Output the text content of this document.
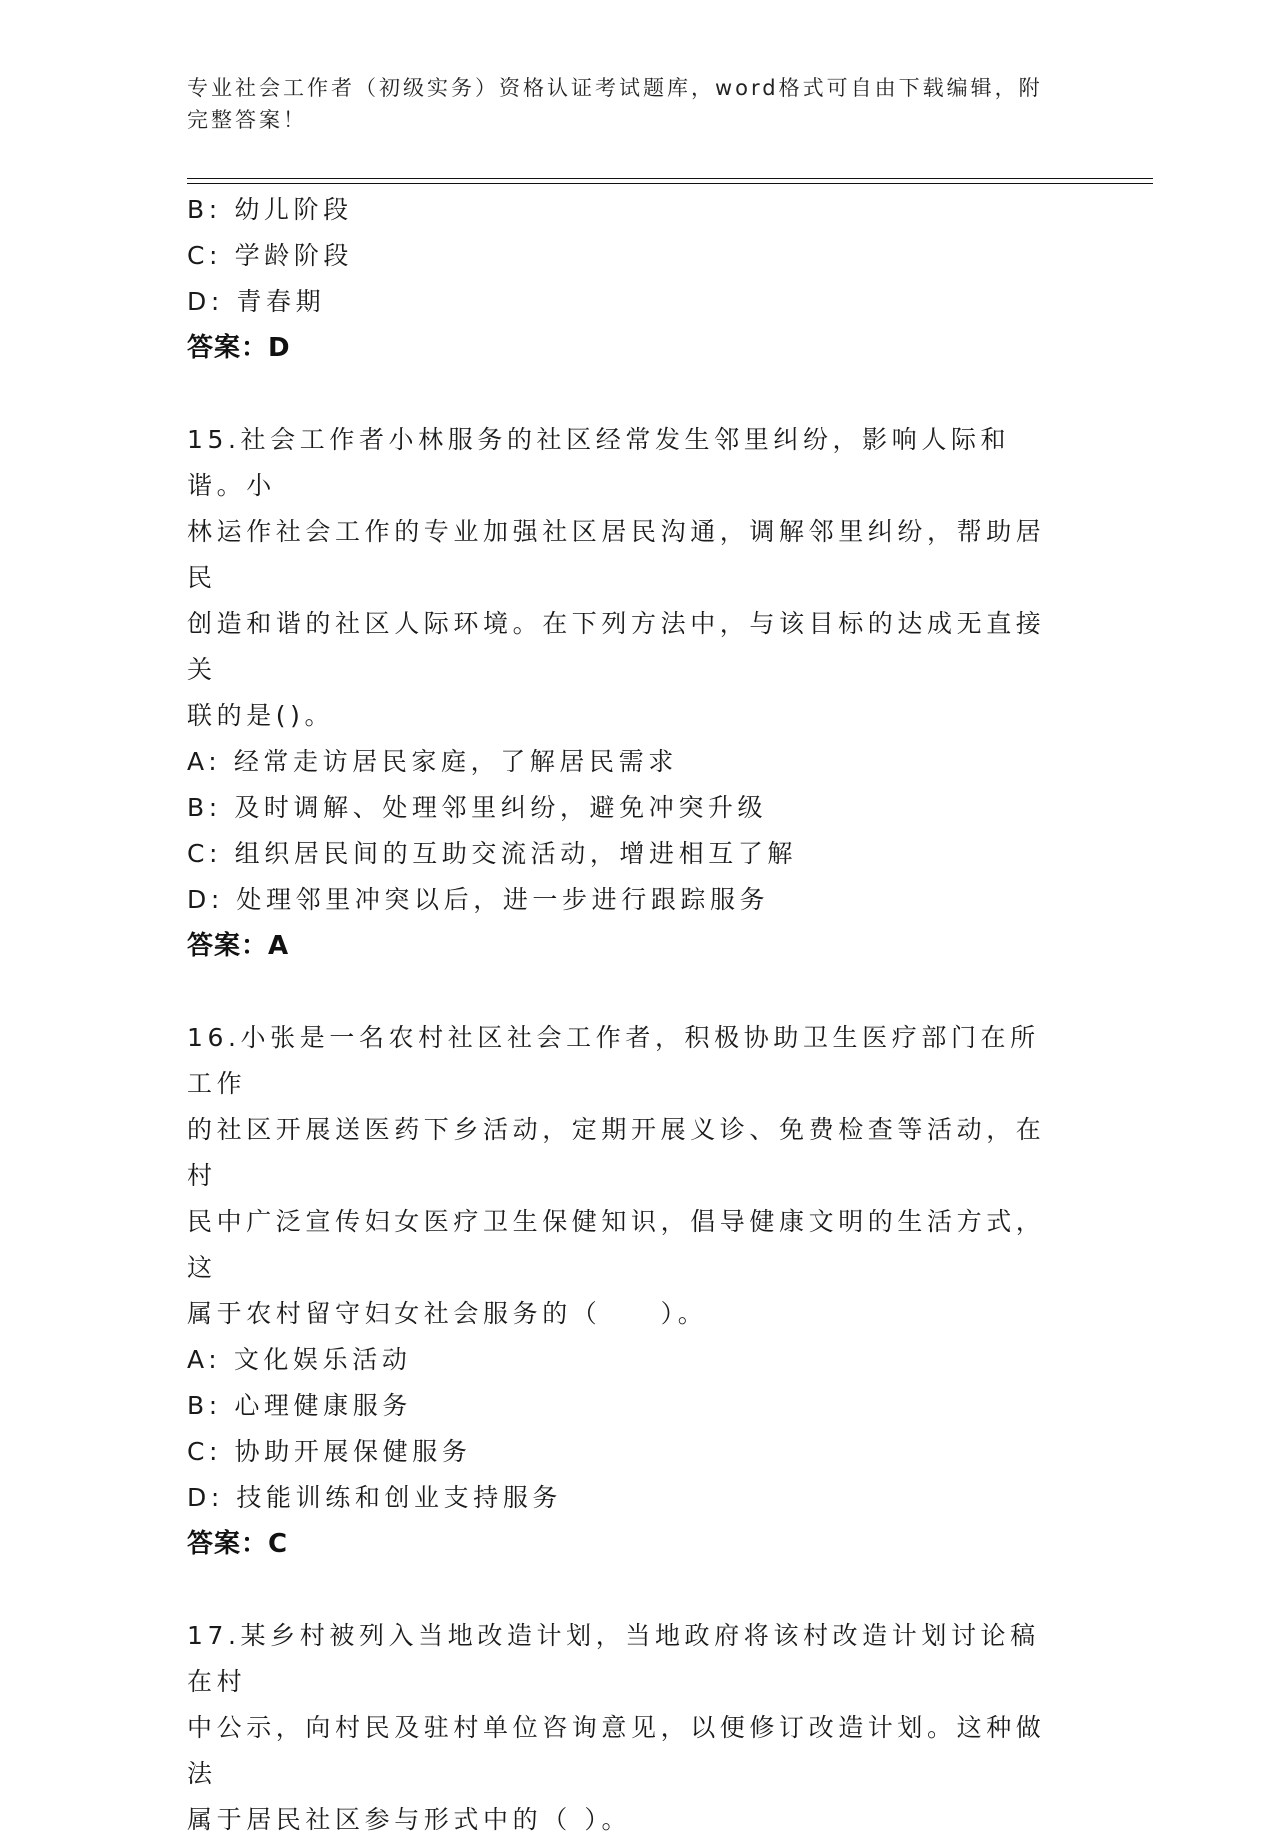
专业社会工作者（初级实务）资格认证考试题库，word格式可自由下载编辑，附
完整答案！
B: 幼儿阶段
C: 学龄阶段
D: 青春期
答案：D
15.社会工作者小林服务的社区经常发生邻里纠纷，影响人际和谐。小
林运作社会工作的专业加强社区居民沟通，调解邻里纠纷，帮助居民
创造和谐的社区人际环境。在下列方法中，与该目标的达成无直接关
联的是()。
A: 经常走访居民家庭，了解居民需求
B: 及时调解、处理邻里纠纷，避免冲突升级
C: 组织居民间的互助交流活动，增进相互了解
D: 处理邻里冲突以后，进一步进行跟踪服务
答案：A
16.小张是一名农村社区社会工作者，积极协助卫生医疗部门在所工作
的社区开展送医药下乡活动，定期开展义诊、免费检查等活动，在村
民中广泛宣传妇女医疗卫生保健知识，倡导健康文明的生活方式，这
属于农村留守妇女社会服务的（　　）。
A: 文化娱乐活动
B: 心理健康服务
C: 协助开展保健服务
D: 技能训练和创业支持服务
答案：C
17.某乡村被列入当地改造计划，当地政府将该村改造计划讨论稿在村
中公示，向村民及驻村单位咨询意见，以便修订改造计划。这种做法
属于居民社区参与形式中的（ ）。
